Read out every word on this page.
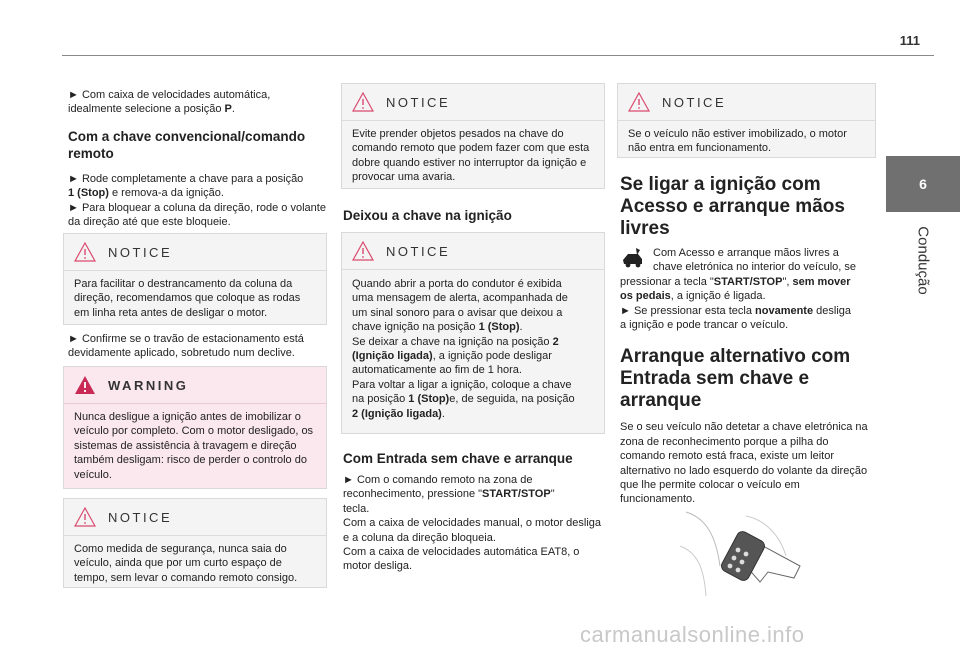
111
6
Condução

► Com caixa de velocidades automática,
idealmente selecione a posição P.

Com a chave convencional/comando remoto

► Rode completamente a chave para a posição
1 (Stop) e remova-a da ignição.

► Para bloquear a coluna da direção, rode o volante da direção até que este bloqueie.

NOTICE

Para facilitar o destrancamento da coluna da direção, recomendamos que coloque as rodas em linha reta antes de desligar o motor.

► Confirme se o travão de estacionamento está devidamente aplicado, sobretudo num declive.

WARNING

Nunca desligue a ignição antes de imobilizar o veículo por completo. Com o motor desligado, os sistemas de assistência à travagem e direção também desligam: risco de perder o controlo do veículo.

NOTICE

Como medida de segurança, nunca saia do veículo, ainda que por um curto espaço de tempo, sem levar o comando remoto consigo.

NOTICE

Evite prender objetos pesados na chave do comando remoto que podem fazer com que esta dobre quando estiver no interruptor da ignição e provocar uma avaria.

Deixou a chave na ignição

NOTICE

Quando abrir a porta do condutor é exibida
uma mensagem de alerta, acompanhada de
um sinal sonoro para o avisar que deixou a
chave ignição na posição 1 (Stop).
Se deixar a chave na ignição na posição 2
(Ignição ligada), a ignição pode desligar
automaticamente ao fim de 1 hora.
Para voltar a ligar a ignição, coloque a chave
na posição 1 (Stop)e, de seguida, na posição
2 (Ignição ligada).

Com Entrada sem chave e arranque

► Com o comando remoto na zona de
reconhecimento, pressione "START/STOP"
tecla.

Com a caixa de velocidades manual, o motor desliga e a coluna da direção bloqueia.

Com a caixa de velocidades automática EAT8, o motor desliga.

NOTICE

Se o veículo não estiver imobilizado, o motor não entra em funcionamento.

Se ligar a ignição com
Acesso e arranque mãos
livres

Com Acesso e arranque mãos livres a
chave eletrónica no interior do veículo, se
pressionar a tecla "START/STOP", sem mover
os pedais, a ignição é ligada.
► Se pressionar esta tecla novamente desliga
a ignição e pode trancar o veículo.

Arranque alternativo com
Entrada sem chave e
arranque

Se o seu veículo não detetar a chave eletrónica na zona de reconhecimento porque a pilha do comando remoto está fraca, existe um leitor alternativo no lado esquerdo do volante da direção que lhe permite colocar o veículo em funcionamento.

carmanualsonline.info
